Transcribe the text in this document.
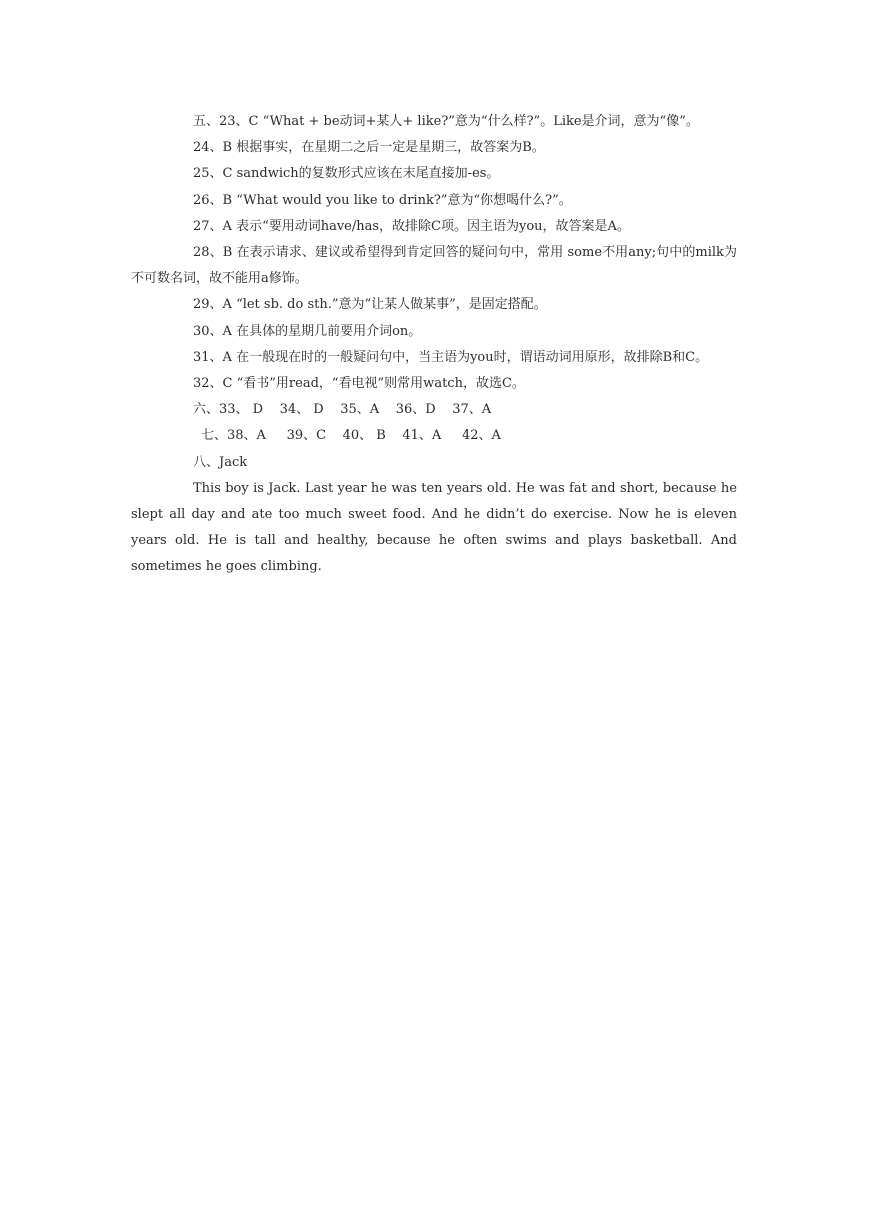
五、23、C “What + be动词+某人+ like?”意为“什么样?”。Like是介词，意为“像”。

24、B 根据事实，在星期二之后一定是星期三，故答案为B。

25、C sandwich的复数形式应该在末尾直接加-es。

26、B “What would you like to drink?”意为“你想喝什么?”。

27、A 表示“要用动词have/has，故排除C项。因主语为you，故答案是A。

28、B 在表示请求、建议或希望得到肯定回答的疑问句中，常用 some不用any;句中的milk为不可数名词，故不能用a修饰。

29、A “let sb. do sth.”意为“让某人做某事”，是固定搭配。

30、A 在具体的星期几前要用介词on。

31、A 在一般现在时的一般疑问句中，当主语为you时，谓语动词用原形，故排除B和C。

32、C “看书”用read，“看电视”则常用watch，故选C。

六、33、 D    34、 D    35、A    36、D    37、A

七、38、A     39、C    40、 B    41、A     42、A

八、Jack

This boy is Jack. Last year he was ten years old. He was fat and short, because he slept all day and ate too much sweet food. And he didn’t do exercise. Now he is eleven years old. He is tall and healthy, because he often swims and plays basketball. And sometimes he goes climbing.
